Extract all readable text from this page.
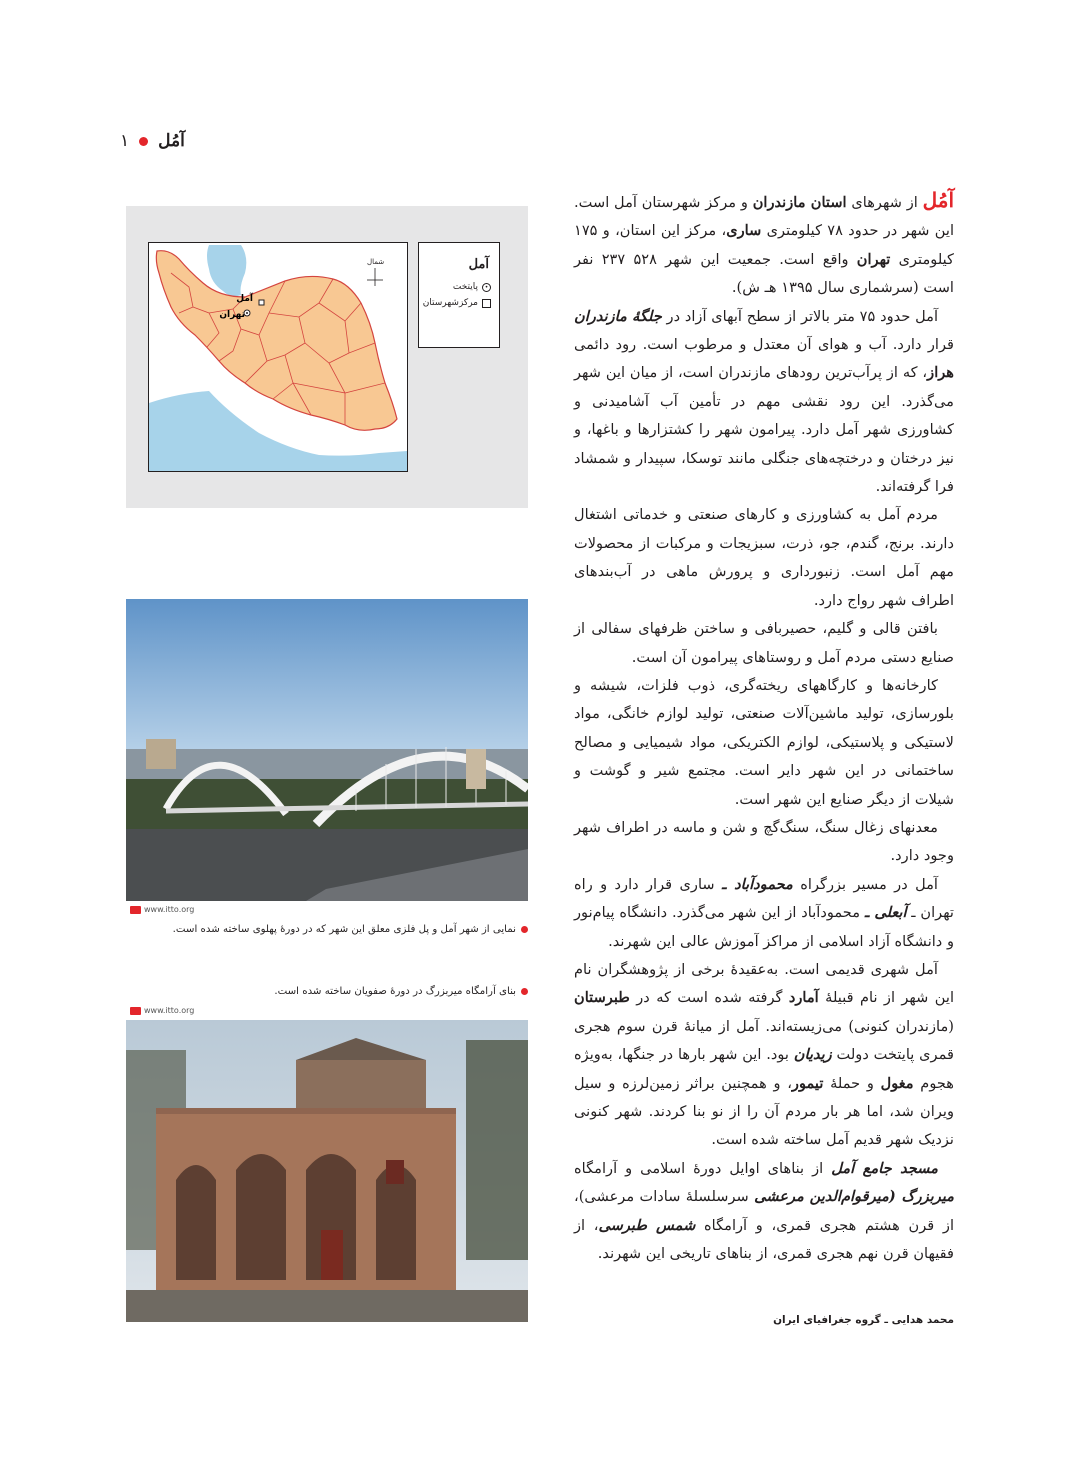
آمُل
۱
آمل
تهران
شمال	آمل
•
پایتخت
مرکزشهرستان
www.itto.org
نمایی از شهر آمل و پل فلزی معلق این شهر که در دورهٔ پهلوی ساخته شده است.
بنای آرامگاه میربزرگ در دورهٔ صفویان ساخته شده است.
www.itto.org

آمُل از شهرهای استان مازندران و مرکز شهرستان آمل است. این شهر در حدود ۷۸ کیلومتری ساری، مرکز این استان، و ۱۷۵ کیلومتری تهران واقع است. جمعیت این شهر ۵۲۸ ۲۳۷ نفر است (سرشماری سال ۱۳۹۵ هـ ش).

آمل حدود ۷۵ متر بالاتر از سطح آبهای آزاد در جلگهٔ مازندران قرار دارد. آب و هوای آن معتدل و مرطوب است. رود دائمی هراز، که از پرآب‌ترین رودهای مازندران است، از میان این شهر می‌گذرد. این رود نقشی مهم در تأمین آب آشامیدنی و کشاورزی شهر آمل دارد. پیرامون شهر را کشتزارها و باغها، و نیز درختان و درختچه‌های جنگلی مانند توسکا، سپیدار و شمشاد فرا گرفته‌اند.

مردم آمل به کشاورزی و کارهای صنعتی و خدماتی اشتغال دارند. برنج، گندم، جو، ذرت، سبزیجات و مرکبات از محصولات مهم آمل است. زنبورداری و پرورش ماهی در آب‌بندهای اطراف شهر رواج دارد.

بافتن قالی و گلیم، حصیربافی و ساختن ظرفهای سفالی از صنایع دستی مردم آمل و روستاهای پیرامون آن است.

کارخانه‌ها و کارگاههای ریخته‌گری، ذوب فلزات، شیشه و بلورسازی، تولید ماشین‌آلات صنعتی، تولید لوازم خانگی، مواد لاستیکی و پلاستیکی، لوازم الکتریکی، مواد شیمیایی و مصالح ساختمانی در این شهر دایر است. مجتمع شیر و گوشت و شیلات از دیگر صنایع این شهر است.

معدنهای زغال سنگ، سنگ‌گچ و شن و ماسه در اطراف شهر وجود دارد.

آمل در مسیر بزرگراه محمودآباد ـ ساری قرار دارد و راه تهران ـ آبعلی ـ محمودآباد از این شهر می‌گذرد. دانشگاه پیام‌نور و دانشگاه آزاد اسلامی از مراکز آموزش عالی این شهرند.

آمل شهری قدیمی است. به‌عقیدهٔ برخی از پژوهشگران نام این شهر از نام قبیلهٔ آمارد گرفته شده است که در طبرستان (مازندران کنونی) می‌زیسته‌اند. آمل از میانهٔ قرن سوم هجری قمری پایتخت دولت زیدیان بود. این شهر بارها در جنگها، به‌ویژه هجوم مغول و حملهٔ تیمور، و همچنین براثر زمین‌لرزه و سیل ویران شد، اما هر بار مردم آن را از نو بنا کردند. شهر کنونی نزدیک شهر قدیم آمل ساخته شده است.

مسجد جامع آمل از بناهای اوایل دورهٔ اسلامی و آرامگاه میربزرگ (میرقوام‌الدین مرعشی سرسلسلهٔ سادات مرعشی)، از قرن هشتم هجری قمری، و آرامگاه شمس طبرسی، از فقیهان قرن نهم هجری قمری، از بناهای تاریخی این شهرند.

محمد هدایی ـ گروه جغرافیای ایران
